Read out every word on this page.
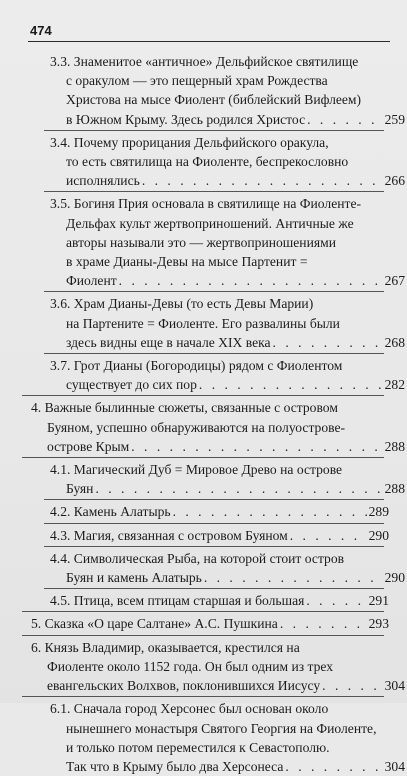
474
3.3. Знаменитое «античное» Дельфийское святилище
с оракулом — это пещерный храм Рождества
Христова на мысе Фиолент (библейский Вифлеем)
в Южном Крыму. Здесь родился Христос . . .	259
3.4. Почему прорицания Дельфийского оракула,
то есть святилища на Фиоленте, беспрекословно
исполнялись . . .	266
3.5. Богиня Прия основала в святилище на Фиоленте-
Дельфах культ жертвоприношений. Античные же
авторы называли это — жертвоприношениями
в храме Дианы-Девы на мысе Партенит =
Фиолент . . .	267
3.6. Храм Дианы-Девы (то есть Девы Марии)
на Партените = Фиоленте. Его развалины были
здесь видны еще в начале XIX века . . .	268
3.7. Грот Дианы (Богородицы) рядом с Фиолентом
существует до сих пор . . .	282
4. Важные былинные сюжеты, связанные с островом
Буяном, успешно обнаруживаются на полуострове-
острове Крым . . .	288
4.1. Магический Дуб = Мировое Древо на острове
Буян . . .	288
4.2. Камень Алатырь . . .	289
4.3. Магия, связанная с островом Буяном . . .	290
4.4. Символическая Рыба, на которой стоит остров
Буян и камень Алатырь . . .	290
4.5. Птица, всем птицам старшая и большая . . .	291
5. Сказка «О царе Салтане» А.С. Пушкина . . .	293
6. Князь Владимир, оказывается, крестился на
Фиоленте около 1152 года. Он был одним из трех
евангельских Волхвов, поклонившихся Иисусу . . .	304
6.1. Сначала город Херсонес был основан около
нынешнего монастыря Святого Георгия на Фиоленте,
и только потом переместился к Севастополю.
Так что в Крыму было два Херсонеса . . .	304
